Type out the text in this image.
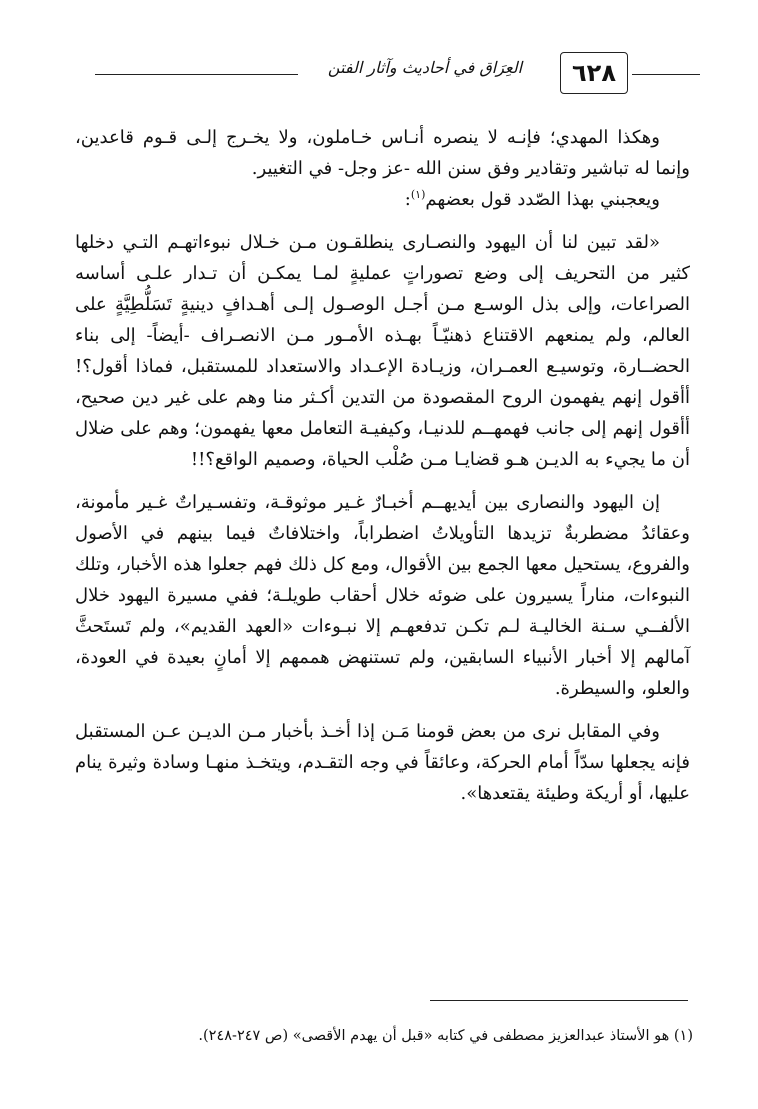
٦٢٨
العِرَاق في أحاديث وآثار الفتن

وهكذا المهدي؛ فإنـه لا ينصره أنـاس خـاملون، ولا يخـرج إلـى قـوم قاعدين، وإنما له تباشير وتقادير وفق سنن الله -عز وجل- في التغيير.

ويعجبني بهذا الصّدد قول بعضهم$^{(١)}$:

«لقد تبين لنا أن اليهود والنصـارى ينطلقـون مـن خـلال نبوءاتهـم التـي دخلها كثير من التحريف إلى وضع تصوراتٍ عمليةٍ لمـا يمكـن أن تـدار علـى أساسه الصراعات، وإلى بذل الوسـع مـن أجـل الوصـول إلـى أهـدافٍ دينيةٍ تَسَلُّطِيَّةٍ على العالم، ولم يمنعهم الاقتناع ذهنيّـاً بهـذه الأمـور مـن الانصـراف -أيضاً- إلى بناء الحضــارة، وتوسيـع العمـران، وزيـادة الإعـداد والاستعداد للمستقبل، فماذا أقول؟! أأقول إنهم يفهمون الروح المقصودة من التدين أكـثر منا وهم على غير دين صحيح، أأقول إنهم إلى جانب فهمهــم للدنيـا، وكيفيـة التعامل معها يفهمون؛ وهم على ضلال أن ما يجيء به الديـن هـو قضايـا مـن صُلْب الحياة، وصميم الواقع؟!!

إن اليهود والنصارى بين أيديهــم أخبـارٌ غـير موثوقـة، وتفسـيراتٌ غـير مأمونة، وعقائدُ مضطربةٌ تزيدها التأويلاتُ اضطراباً، واختلافاتٌ فيما بينهم في الأصول والفروع، يستحيل معها الجمع بين الأقوال، ومع كل ذلك فهم جعلوا هذه الأخبار، وتلك النبوءات، مناراً يسيرون على ضوئه خلال أحقاب طويلـة؛ ففي مسيرة اليهود خلال الألفــي سـنة الخاليـة لـم تكـن تدفعهـم إلا نبـوءات «العهد القديم»، ولم تَستَحثَّ آمالهم إلا أخبار الأنبياء السابقين، ولم تستنهض هممهم إلا أمانٍ بعيدة في العودة، والعلو، والسيطرة.

وفي المقابل نرى من بعض قومنا مَـن إذا أخـذ بأخبار مـن الديـن عـن المستقبل فإنه يجعلها سدّاً أمام الحركة، وعائقاً في وجه التقـدم، ويتخـذ منهـا وسادة وثيرة ينام عليها، أو أريكة وطيئة يقتعدها».

(١) هو الأستاذ عبدالعزيز مصطفى في كتابه «قبل أن يهدم الأقصى» (ص ٢٤٧-٢٤٨).
